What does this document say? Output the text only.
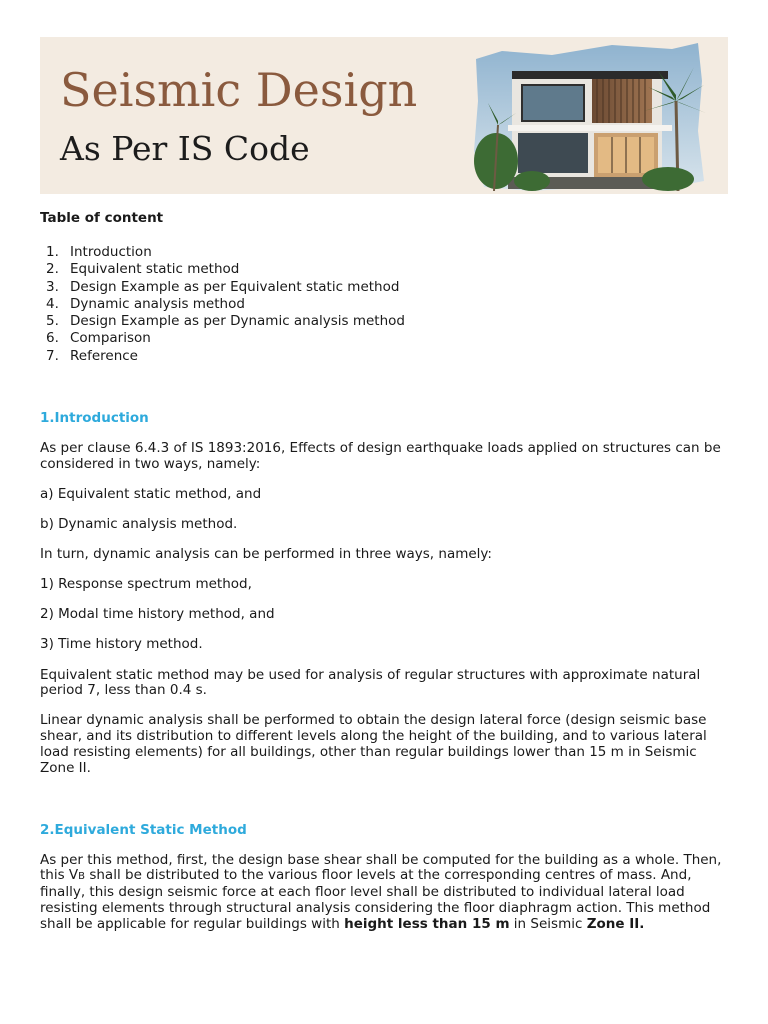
Seismic Design
As Per IS Code
Table of content
1. Introduction
2. Equivalent static method
3. Design Example as per Equivalent static method
4. Dynamic analysis method
5. Design Example as per Dynamic analysis method
6. Comparison
7. Reference
1.Introduction

As per clause 6.4.3 of IS 1893:2016, Effects of design earthquake loads applied on structures can be considered in two ways, namely:

a) Equivalent static method, and

b) Dynamic analysis method.

In turn, dynamic analysis can be performed in three ways, namely:

1) Response spectrum method,

2) Modal time history method, and

3) Time history method.

Equivalent static method may be used for analysis of regular structures with approximate natural period 7, less than 0.4 s.

Linear dynamic analysis shall be performed to obtain the design lateral force (design seismic base shear, and its distribution to different levels along the height of the building, and to various lateral load resisting elements) for all buildings, other than regular buildings lower than 15 m in Seismic Zone II.

2.Equivalent Static Method

As per this method, first, the design base shear shall be computed for the building as a whole. Then, this VB shall be distributed to the various floor levels at the corresponding centres of mass. And, finally, this design seismic force at each floor level shall be distributed to individual lateral load resisting elements through structural analysis considering the floor diaphragm action. This method shall be applicable for regular buildings with height less than 15 m in Seismic Zone II.
